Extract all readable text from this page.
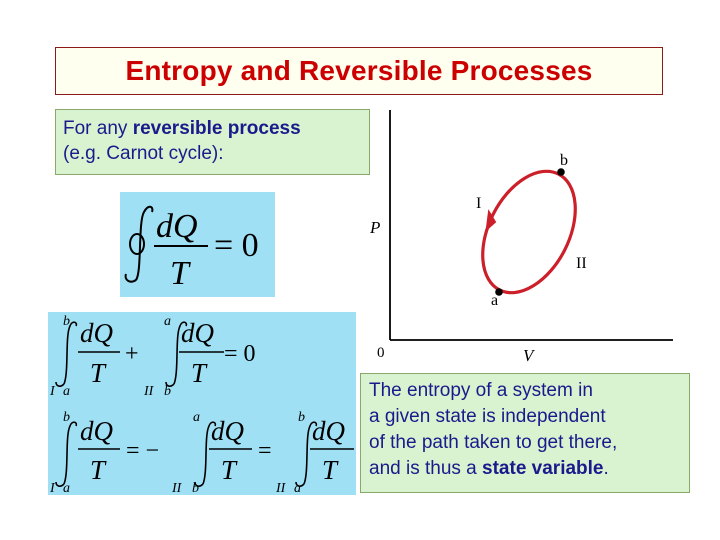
Entropy and Reversible Processes
For any reversible process
(e.g. Carnot cycle):
dQ
T
= 0
b
I a
dQ
T
+
a
II b
dQ
T
= 0
b
I a
dQ
T
= −
a
II b
dQ
T
=
b
II a
dQ
T
P
V
0
b
a
I
II
The entropy of a system in
a given state is independent
of the path taken to get there,
and is thus a state variable.
